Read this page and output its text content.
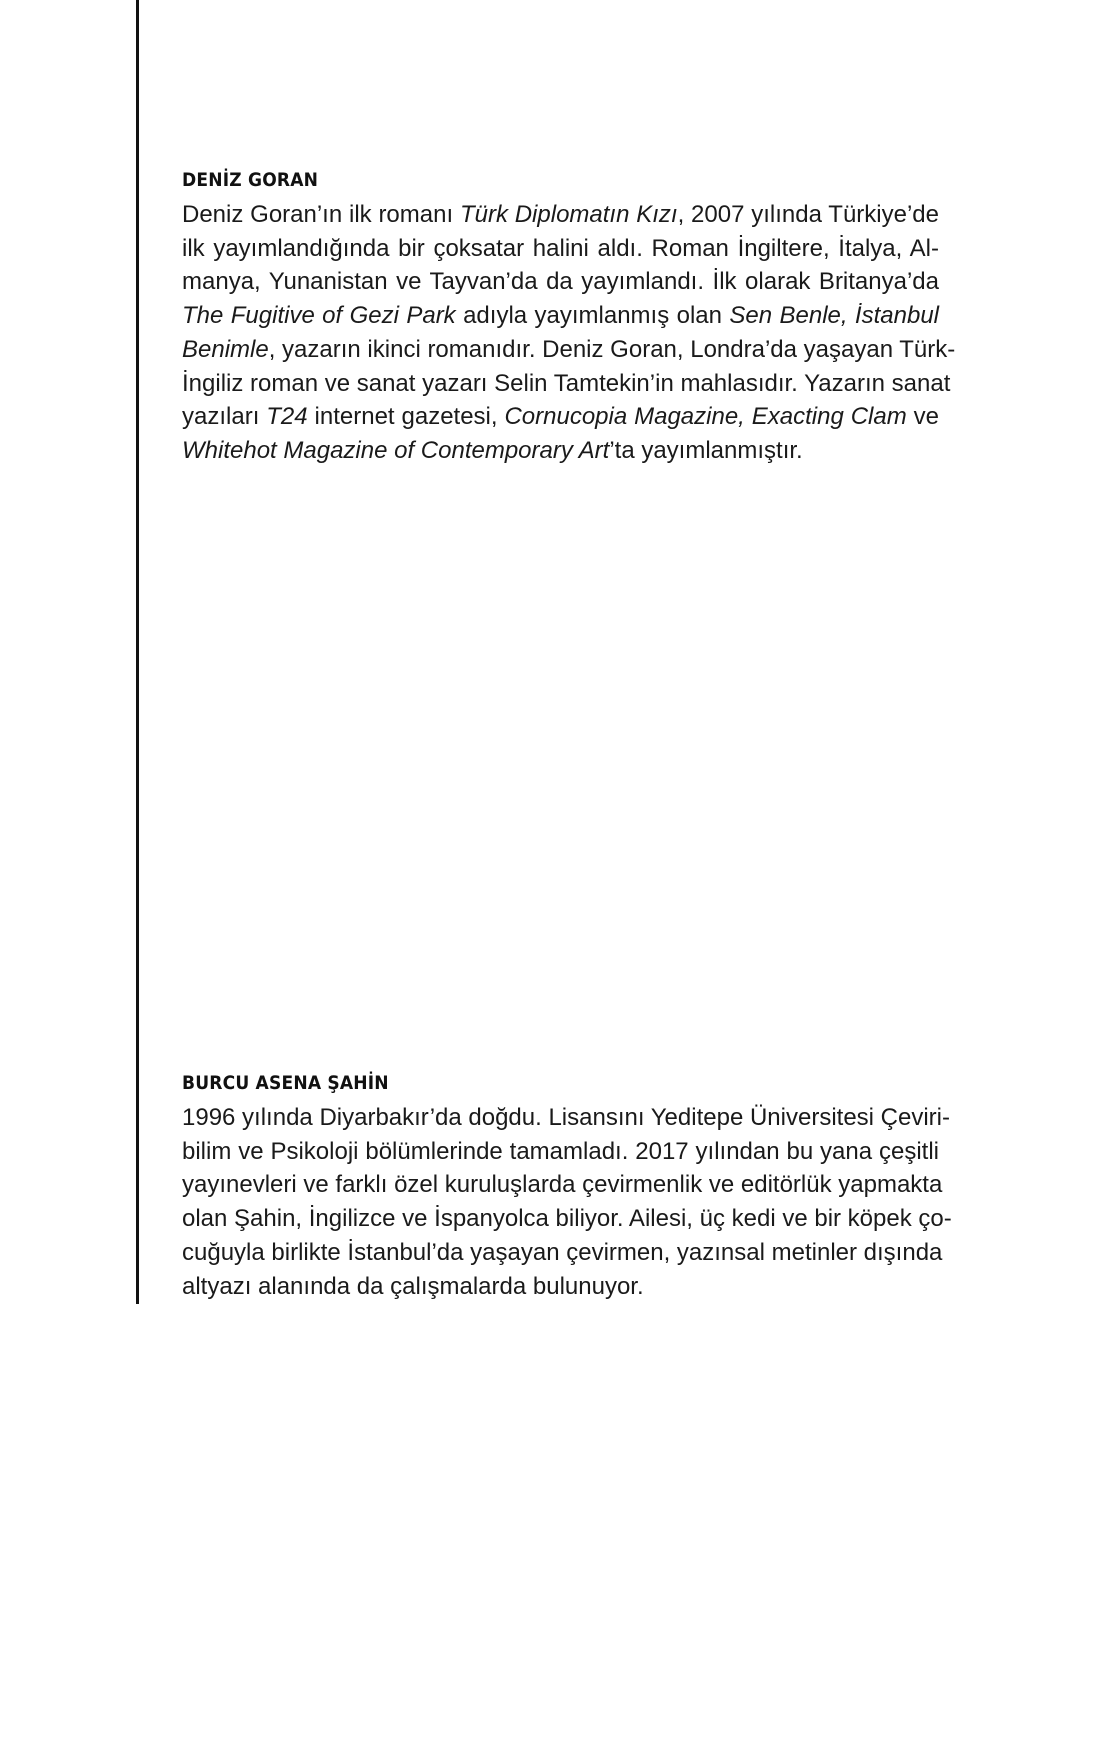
DENİZ GORAN

Deniz Goran’ın ilk romanı Türk Diplomatın Kızı, 2007 yılında Türkiye’de
ilk yayımlandığında bir çoksatar halini aldı. Roman İngiltere, İtalya, Al-
manya, Yunanistan ve Tayvan’da da yayımlandı. İlk olarak Britanya’da
The Fugitive of Gezi Park adıyla yayımlanmış olan Sen Benle, İstanbul
Benimle, yazarın ikinci romanıdır. Deniz Goran, Londra’da yaşayan Türk-
İngiliz roman ve sanat yazarı Selin Tamtekin’in mahlasıdır. Yazarın sanat
yazıları T24 internet gazetesi, Cornucopia Magazine, Exacting Clam ve
Whitehot Magazine of Contemporary Art’ta yayımlanmıştır.

BURCU ASENA ŞAHİN

1996 yılında Diyarbakır’da doğdu. Lisansını Yeditepe Üniversitesi Çeviri-
bilim ve Psikoloji bölümlerinde tamamladı. 2017 yılından bu yana çeşitli
yayınevleri ve farklı özel kuruluşlarda çevirmenlik ve editörlük yapmakta
olan Şahin, İngilizce ve İspanyolca biliyor. Ailesi, üç kedi ve bir köpek ço-
cuğuyla birlikte İstanbul’da yaşayan çevirmen, yazınsal metinler dışında
altyazı alanında da çalışmalarda bulunuyor.
